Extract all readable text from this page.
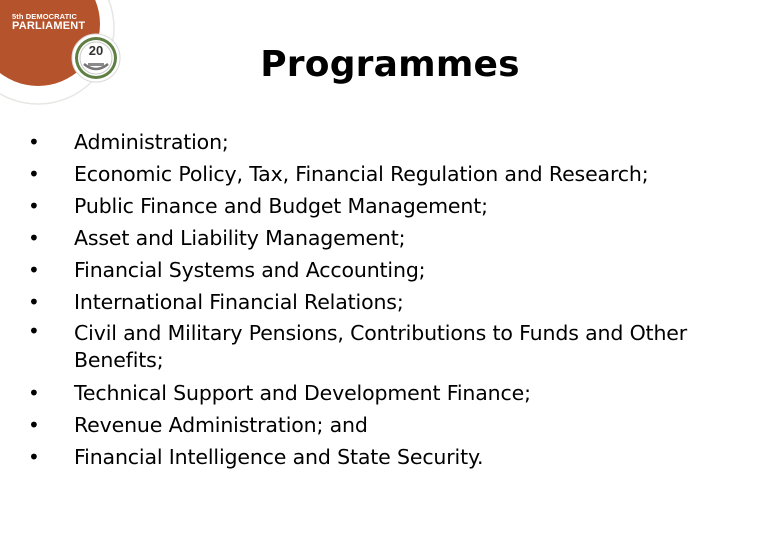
5th DEMOCRATIC
PARLIAMENT
20	Programmes
• Administration;
• Economic Policy, Tax, Financial Regulation and Research;
• Public Finance and Budget Management;
• Asset and Liability Management;
• Financial Systems and Accounting;
• International Financial Relations;
• Civil and Military Pensions, Contributions to Funds and Other Benefits;
• Technical Support and Development Finance;
• Revenue Administration; and
• Financial Intelligence and State Security.
